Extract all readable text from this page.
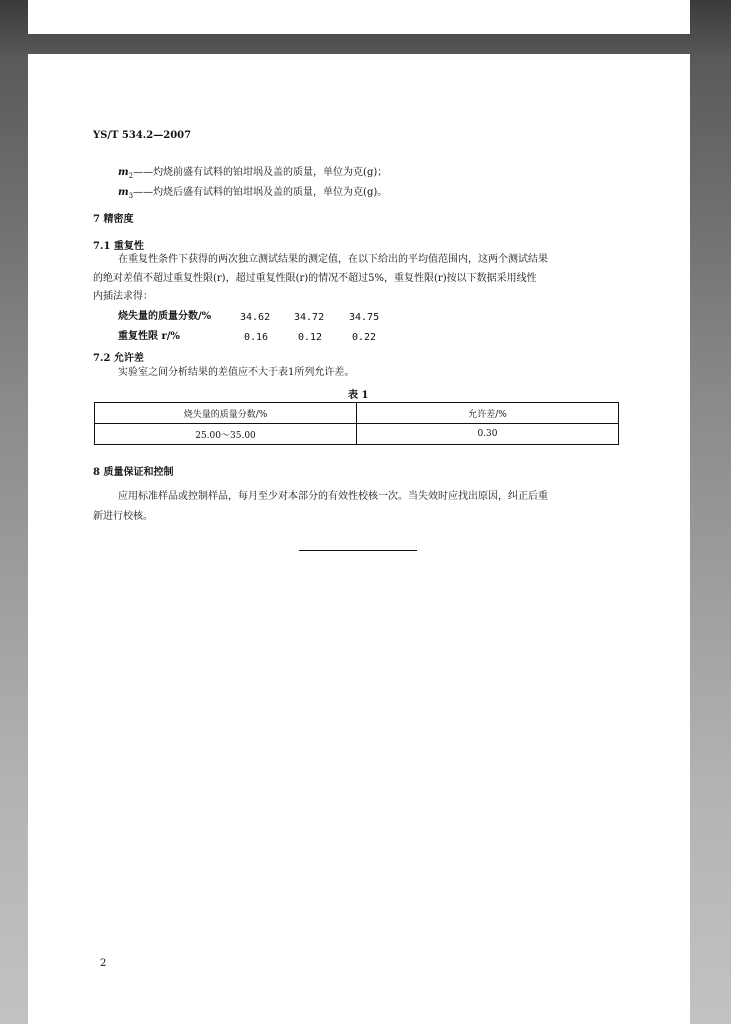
YS/T 534.2—2007
$m_2——$灼烧前盛有试料的铂坩埚及盖的质量，单位为克(g)；
$m_3——$灼烧后盛有试料的铂坩埚及盖的质量，单位为克(g)。
7 精密度
7.1 重复性
在重复性条件下获得的两次独立测试结果的测定值，在以下给出的平均值范围内，这两个测试结果
的绝对差值不超过重复性限(r)，超过重复性限(r)的情况不超过5%，重复性限(r)按以下数据采用线性
内插法求得：
烧失量的质量分数/%	34.62 34.72 34.75
重复性限 r/%	0.16	0.12	0.22
7.2 允许差
实验室之间分析结果的差值应不大于表1所列允许差。
表 1
烧失量的质量分数/%	允许差/%
25.00～35.00	0.30
8 质量保证和控制
应用标准样品或控制样品，每月至少对本部分的有效性校核一次。当失效时应找出原因，纠正后重
新进行校核。
2
